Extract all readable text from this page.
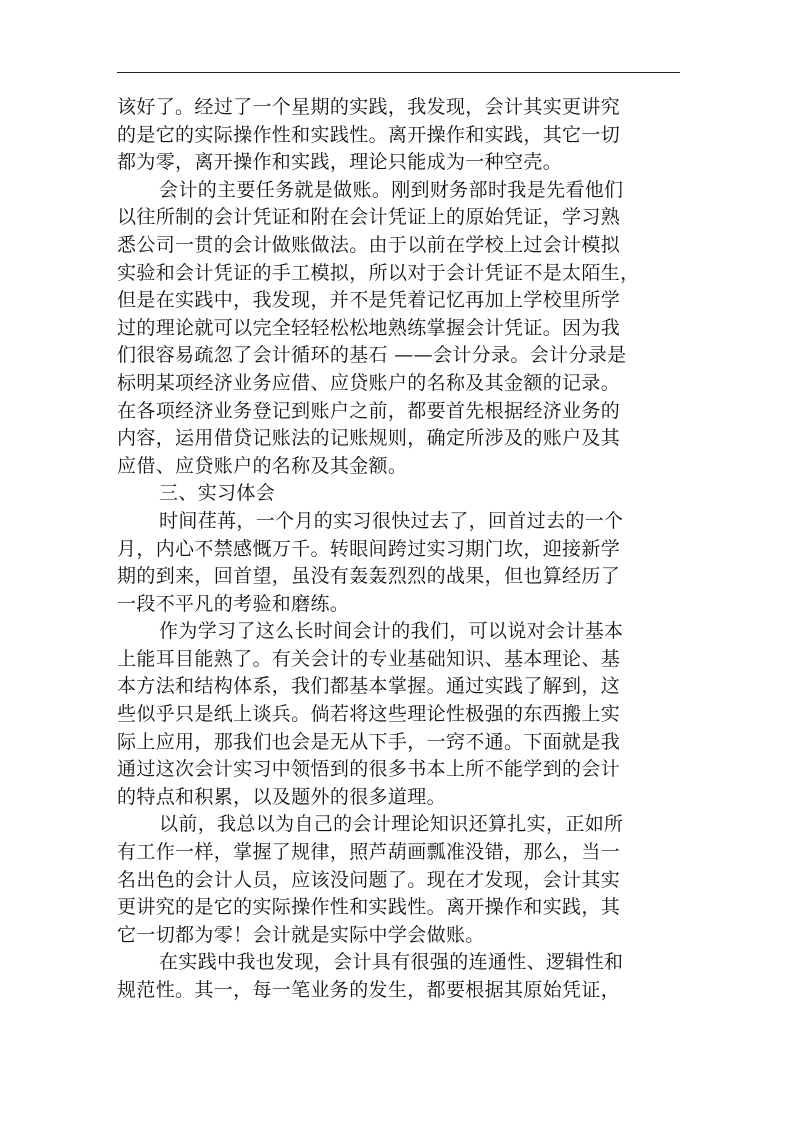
该好了。经过了一个星期的实践，我发现，会计其实更讲究
的是它的实际操作性和实践性。离开操作和实践，其它一切
都为零，离开操作和实践，理论只能成为一种空壳。
会计的主要任务就是做账。刚到财务部时我是先看他们
以往所制的会计凭证和附在会计凭证上的原始凭证，学习熟
悉公司一贯的会计做账做法。由于以前在学校上过会计模拟
实验和会计凭证的手工模拟，所以对于会计凭证不是太陌生，
但是在实践中，我发现，并不是凭着记忆再加上学校里所学
过的理论就可以完全轻轻松松地熟练掌握会计凭证。因为我
们很容易疏忽了会计循环的基石 ——会计分录。会计分录是
标明某项经济业务应借、应贷账户的名称及其金额的记录。
在各项经济业务登记到账户之前，都要首先根据经济业务的
内容，运用借贷记账法的记账规则，确定所涉及的账户及其
应借、应贷账户的名称及其金额。
三、实习体会
时间荏苒，一个月的实习很快过去了，回首过去的一个
月，内心不禁感慨万千。转眼间跨过实习期门坎，迎接新学
期的到来，回首望，虽没有轰轰烈烈的战果，但也算经历了
一段不平凡的考验和磨练。
作为学习了这么长时间会计的我们，可以说对会计基本
上能耳目能熟了。有关会计的专业基础知识、基本理论、基
本方法和结构体系，我们都基本掌握。通过实践了解到，这
些似乎只是纸上谈兵。倘若将这些理论性极强的东西搬上实
际上应用，那我们也会是无从下手，一窍不通。下面就是我
通过这次会计实习中领悟到的很多书本上所不能学到的会计
的特点和积累，以及题外的很多道理。
以前，我总以为自己的会计理论知识还算扎实，正如所
有工作一样，掌握了规律，照芦葫画瓢准没错，那么，当一
名出色的会计人员，应该没问题了。现在才发现，会计其实
更讲究的是它的实际操作性和实践性。离开操作和实践，其
它一切都为零！会计就是实际中学会做账。
在实践中我也发现，会计具有很强的连通性、逻辑性和
规范性。其一，每一笔业务的发生，都要根据其原始凭证，
